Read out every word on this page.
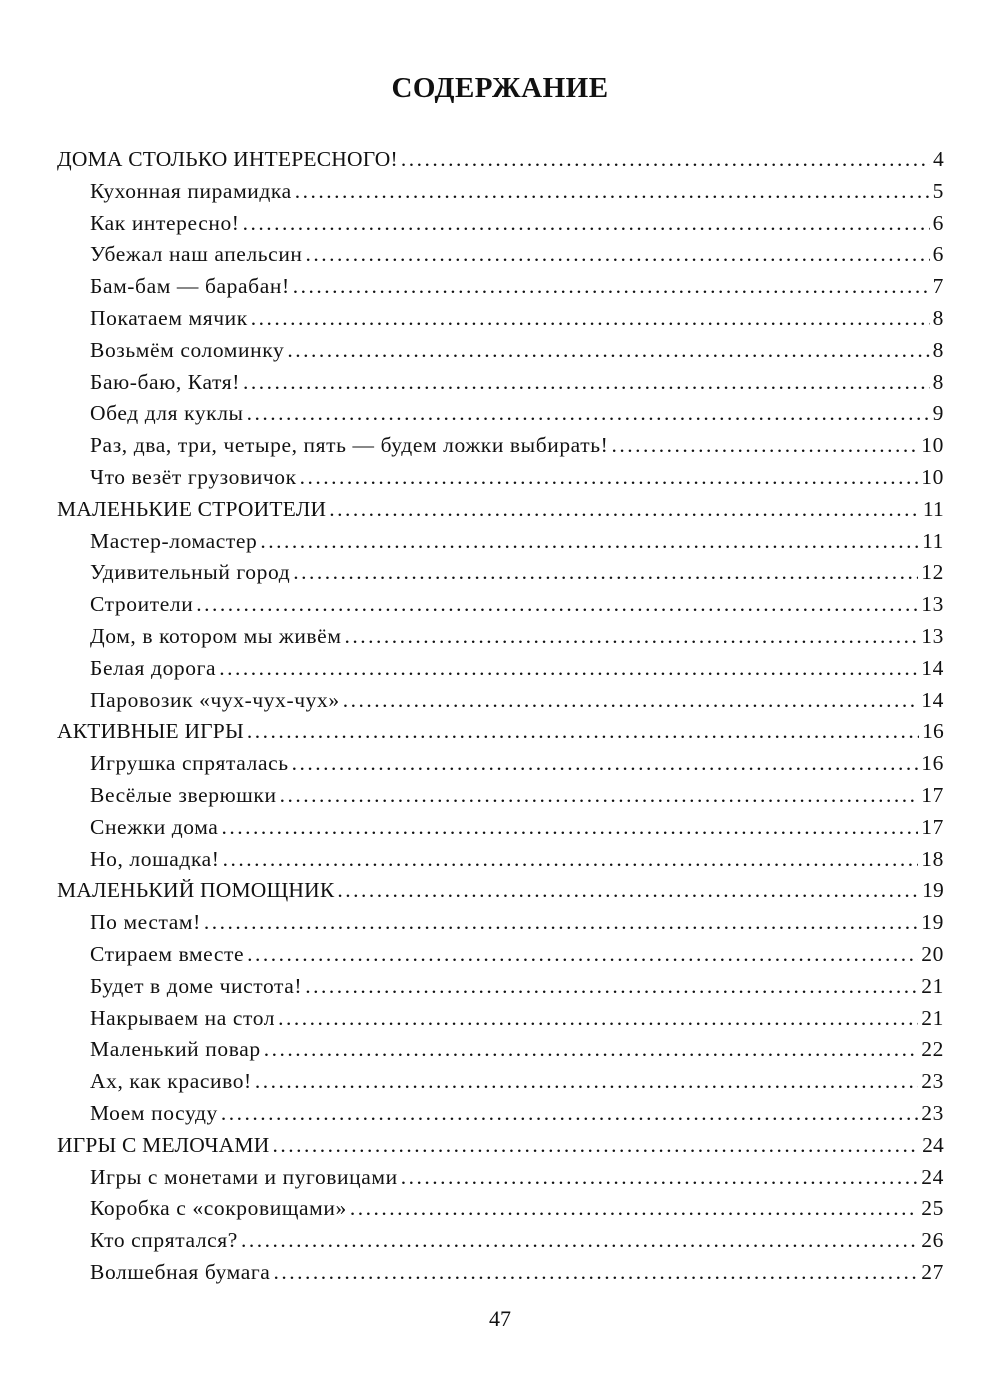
СОДЕРЖАНИЕ
ДОМА СТОЛЬКО ИНТЕРЕСНОГО! .....	4
Кухонная пирамидка .....	5
Как интересно! .....	6
Убежал наш апельсин .....	6
Бам-бам — барабан! .....	7
Покатаем мячик .....	8
Возьмём соломинку .....	8
Баю-баю, Катя! .....	8
Обед для куклы .....	9
Раз, два, три, четыре, пять — будем ложки выбирать! .....	10
Что везёт грузовичок .....	10
МАЛЕНЬКИЕ СТРОИТЕЛИ .....	11
Мастер-ломастер .....	11
Удивительный город .....	12
Строители .....	13
Дом, в котором мы живём .....	13
Белая дорога .....	14
Паровозик «чух-чух-чух» .....	14
АКТИВНЫЕ ИГРЫ .....	16
Игрушка спряталась .....	16
Весёлые зверюшки .....	17
Снежки дома .....	17
Но, лошадка! .....	18
МАЛЕНЬКИЙ ПОМОЩНИК .....	19
По местам! .....	19
Стираем вместе .....	20
Будет в доме чистота! .....	21
Накрываем на стол .....	21
Маленький повар .....	22
Ах, как красиво! .....	23
Моем посуду .....	23
ИГРЫ С МЕЛОЧАМИ .....	24
Игры с монетами и пуговицами .....	24
Коробка с «сокровищами» .....	25
Кто спрятался? .....	26
Волшебная бумага .....	27
47
